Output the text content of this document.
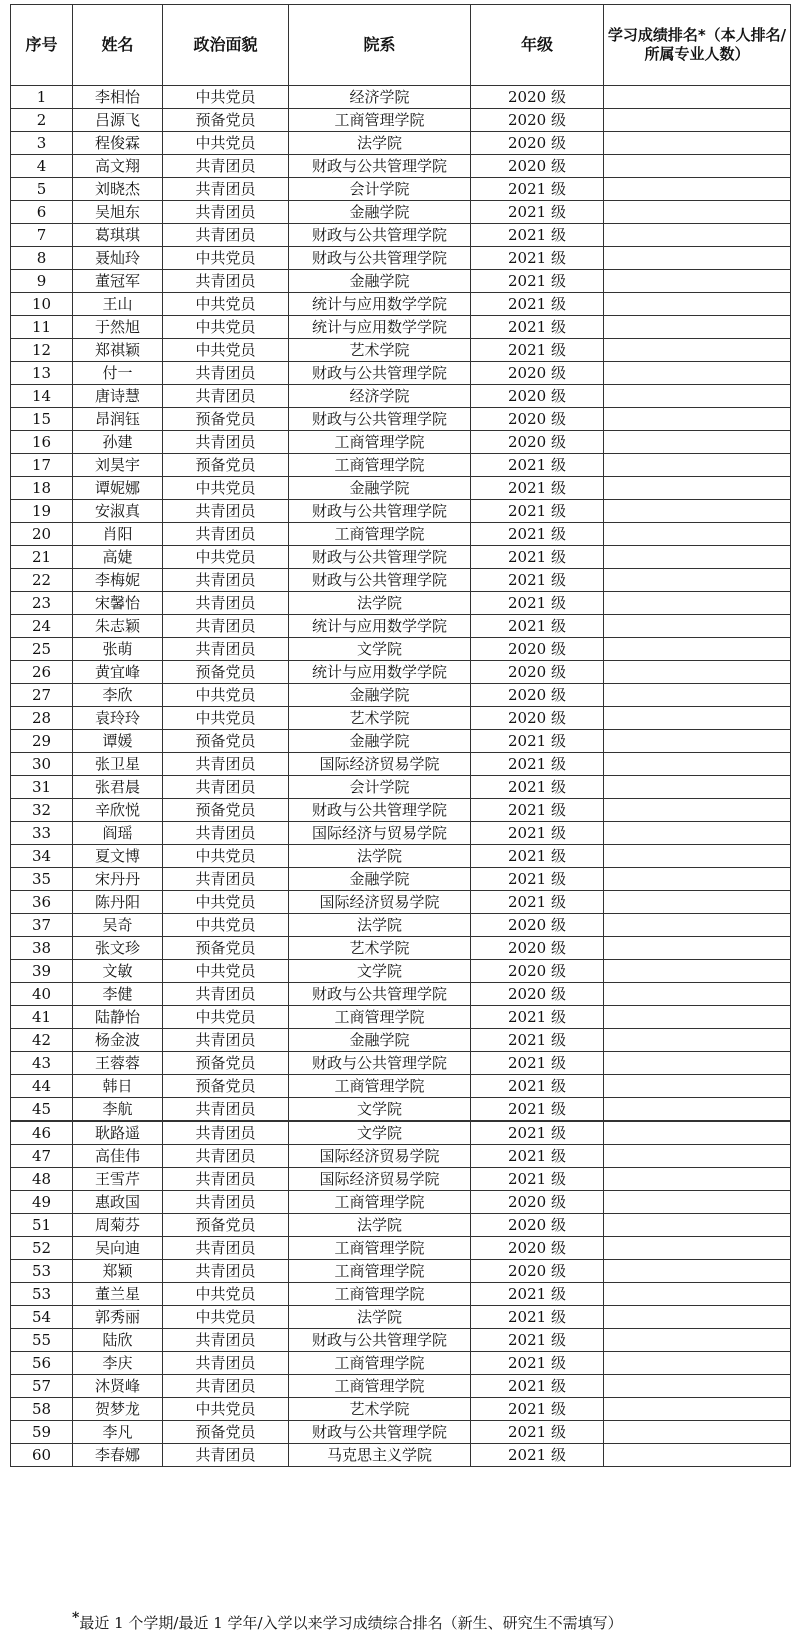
序号	姓名	政治面貌	院系	年级	学习成绩排名*（本人排名/所属专业人数）
1	李相怡	中共党员	经济学院	2020 级	
2	吕源飞	预备党员	工商管理学院	2020 级	
3	程俊霖	中共党员	法学院	2020 级	
4	高文翔	共青团员	财政与公共管理学院	2020 级	
5	刘晓杰	共青团员	会计学院	2021 级	
6	吴旭东	共青团员	金融学院	2021 级	
7	葛琪琪	共青团员	财政与公共管理学院	2021 级	
8	聂灿玲	中共党员	财政与公共管理学院	2021 级	
9	董冠军	共青团员	金融学院	2021 级	
10	王山	中共党员	统计与应用数学学院	2021 级	
11	于然旭	中共党员	统计与应用数学学院	2021 级	
12	郑祺颖	中共党员	艺术学院	2021 级	
13	付一	共青团员	财政与公共管理学院	2020 级	
14	唐诗慧	共青团员	经济学院	2020 级	
15	昂润钰	预备党员	财政与公共管理学院	2020 级	
16	孙建	共青团员	工商管理学院	2020 级	
17	刘昊宇	预备党员	工商管理学院	2021 级	
18	谭妮娜	中共党员	金融学院	2021 级	
19	安淑真	共青团员	财政与公共管理学院	2021 级	
20	肖阳	共青团员	工商管理学院	2021 级	
21	高婕	中共党员	财政与公共管理学院	2021 级	
22	李梅妮	共青团员	财政与公共管理学院	2021 级	
23	宋馨怡	共青团员	法学院	2021 级	
24	朱志颖	共青团员	统计与应用数学学院	2021 级	
25	张萌	共青团员	文学院	2020 级	
26	黄宜峰	预备党员	统计与应用数学学院	2020 级	
27	李欣	中共党员	金融学院	2020 级	
28	袁玲玲	中共党员	艺术学院	2020 级	
29	谭媛	预备党员	金融学院	2021 级	
30	张卫星	共青团员	国际经济贸易学院	2021 级	
31	张君晨	共青团员	会计学院	2021 级	
32	辛欣悦	预备党员	财政与公共管理学院	2021 级	
33	阎瑶	共青团员	国际经济与贸易学院	2021 级	
34	夏文博	中共党员	法学院	2021 级	
35	宋丹丹	共青团员	金融学院	2021 级	
36	陈丹阳	中共党员	国际经济贸易学院	2021 级	
37	吴奇	中共党员	法学院	2020 级	
38	张文珍	预备党员	艺术学院	2020 级	
39	文敏	中共党员	文学院	2020 级	
40	李健	共青团员	财政与公共管理学院	2020 级	
41	陆静怡	中共党员	工商管理学院	2021 级	
42	杨金波	共青团员	金融学院	2021 级	
43	王蓉蓉	预备党员	财政与公共管理学院	2021 级	
44	韩日	预备党员	工商管理学院	2021 级	
45	李航	共青团员	文学院	2021 级	
46	耿路遥	共青团员	文学院	2021 级	
47	高佳伟	共青团员	国际经济贸易学院	2021 级	
48	王雪芹	共青团员	国际经济贸易学院	2021 级	
49	惠政国	共青团员	工商管理学院	2020 级	
51	周菊芬	预备党员	法学院	2020 级	
52	吴向迪	共青团员	工商管理学院	2020 级	
53	郑颖	共青团员	工商管理学院	2020 级	
53	董兰星	中共党员	工商管理学院	2021 级	
54	郭秀丽	中共党员	法学院	2021 级	
55	陆欣	共青团员	财政与公共管理学院	2021 级	
56	李庆	共青团员	工商管理学院	2021 级	
57	沐贤峰	共青团员	工商管理学院	2021 级	
58	贺梦龙	中共党员	艺术学院	2021 级	
59	李凡	预备党员	财政与公共管理学院	2021 级	
60	李春娜	共青团员	马克思主义学院	2021 级	
*最近 1 个学期/最近 1 学年/入学以来学习成绩综合排名（新生、研究生不需填写）
